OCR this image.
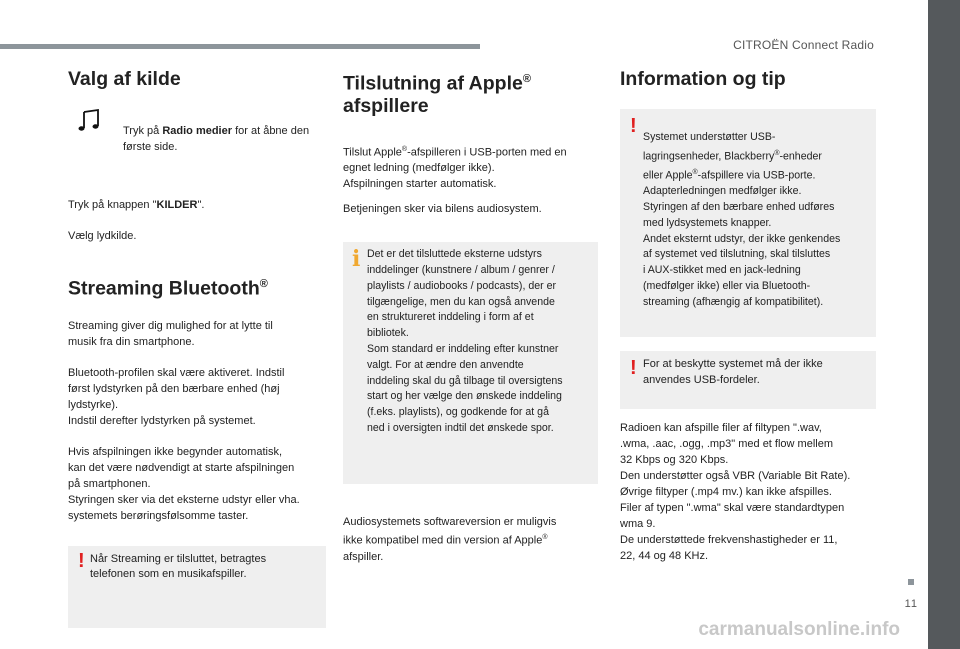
CITROËN Connect Radio
11
carmanualsonline.info
Valg af kilde

Tryk på Radio medier for at åbne den første side.

Tryk på knappen "KILDER".

Vælg lydkilde.

Streaming Bluetooth®

Streaming giver dig mulighed for at lytte til
musik fra din smartphone.

Bluetooth-profilen skal være aktiveret. Indstil
først lydstyrken på den bærbare enhed (høj
lydstyrke).
Indstil derefter lydstyrken på systemet.

Hvis afspilningen ikke begynder automatisk,
kan det være nødvendigt at starte afspilningen
på smartphonen.
Styringen sker via det eksterne udstyr eller vha.
systemets berøringsfølsomme taster.

! Når Streaming er tilsluttet, betragtes
telefonen som en musikafspiller.

Tilslutning af Apple®
afspillere

Tilslut Apple®-afspilleren i USB-porten med en
egnet ledning (medfølger ikke).
Afspilningen starter automatisk.

Betjeningen sker via bilens audiosystem.

i Det er det tilsluttede eksterne udstyrs
inddelinger (kunstnere / album / genrer /
playlists / audiobooks / podcasts), der er
tilgængelige, men du kan også anvende
en struktureret inddeling i form af et
bibliotek.
Som standard er inddeling efter kunstner
valgt. For at ændre den anvendte
inddeling skal du gå tilbage til oversigtens
start og her vælge den ønskede inddeling
(f.eks. playlists), og godkende for at gå
ned i oversigten indtil det ønskede spor.

Audiosystemets softwareversion er muligvis
ikke kompatibel med din version af Apple®
afspiller.

Information og tip
! Systemet understøtter USB-
lagringsenheder, Blackberry®-enheder
eller Apple®-afspillere via USB-porte.
Adapterledningen medfølger ikke.
Styringen af den bærbare enhed udføres
med lydsystemets knapper.
Andet eksternt udstyr, der ikke genkendes
af systemet ved tilslutning, skal tilsluttes
i AUX-stikket med en jack-ledning
(medfølger ikke) eller via Bluetooth-
streaming (afhængig af kompatibilitet).

! For at beskytte systemet må der ikke
anvendes USB-fordeler.

Radioen kan afspille filer af filtypen ".wav,
.wma, .aac, .ogg, .mp3" med et flow mellem
32 Kbps og 320 Kbps.
Den understøtter også VBR (Variable Bit Rate).
Øvrige filtyper (.mp4 mv.) kan ikke afspilles.
Filer af typen ".wma" skal være standardtypen
wma 9.
De understøttede frekvenshastigheder er 11,
22, 44 og 48 KHz.
